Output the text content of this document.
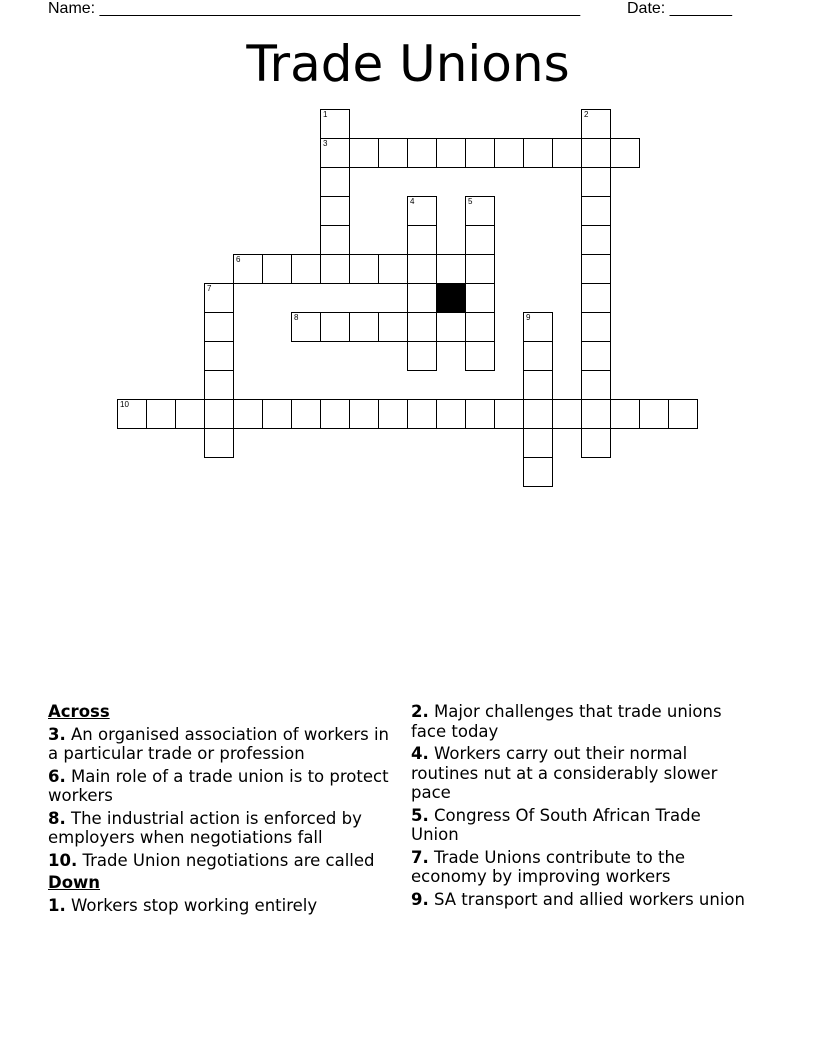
Name: ______________________________________________________	Date: _______
Trade Unions
1
3
2
4	5
6
7
8	9
10
Across
3. An organised association of workers in a particular trade or profession
6. Main role of a trade union is to protect workers
8. The industrial action is enforced by employers when negotiations fall
10. Trade Union negotiations are called
Down
1. Workers stop working entirely
2. Major challenges that trade unions face today
4. Workers carry out their normal routines nut at a considerably slower pace
5. Congress Of South African Trade Union
7. Trade Unions contribute to the economy by improving workers
9. SA transport and allied workers union
